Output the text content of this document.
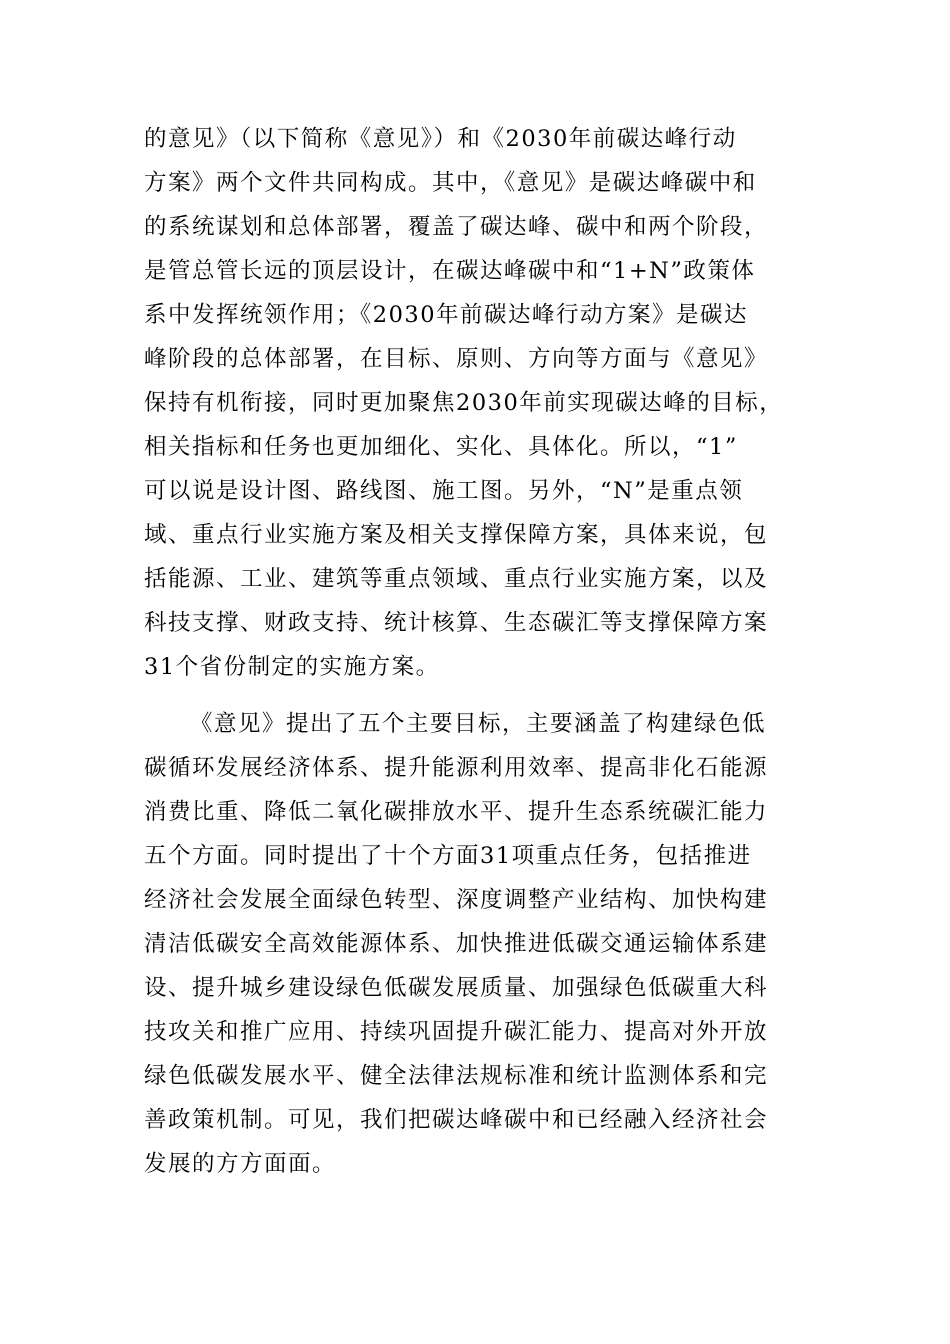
的意见》（以下简称《意见》）和《2030年前碳达峰行动
方案》两个文件共同构成。其中，《意见》是碳达峰碳中和
的系统谋划和总体部署，覆盖了碳达峰、碳中和两个阶段，
是管总管长远的顶层设计，在碳达峰碳中和“1+N”政策体
系中发挥统领作用；《2030年前碳达峰行动方案》是碳达
峰阶段的总体部署，在目标、原则、方向等方面与《意见》
保持有机衔接，同时更加聚焦2030年前实现碳达峰的目标，
相关指标和任务也更加细化、实化、具体化。所以，“1”
可以说是设计图、路线图、施工图。另外，“N”是重点领
域、重点行业实施方案及相关支撑保障方案，具体来说，包
括能源、工业、建筑等重点领域、重点行业实施方案，以及
科技支撑、财政支持、统计核算、生态碳汇等支撑保障方案
31个省份制定的实施方案。
《意见》提出了五个主要目标，主要涵盖了构建绿色低
碳循环发展经济体系、提升能源利用效率、提高非化石能源
消费比重、降低二氧化碳排放水平、提升生态系统碳汇能力
五个方面。同时提出了十个方面31项重点任务，包括推进
经济社会发展全面绿色转型、深度调整产业结构、加快构建
清洁低碳安全高效能源体系、加快推进低碳交通运输体系建
设、提升城乡建设绿色低碳发展质量、加强绿色低碳重大科
技攻关和推广应用、持续巩固提升碳汇能力、提高对外开放
绿色低碳发展水平、健全法律法规标准和统计监测体系和完
善政策机制。可见，我们把碳达峰碳中和已经融入经济社会
发展的方方面面。
